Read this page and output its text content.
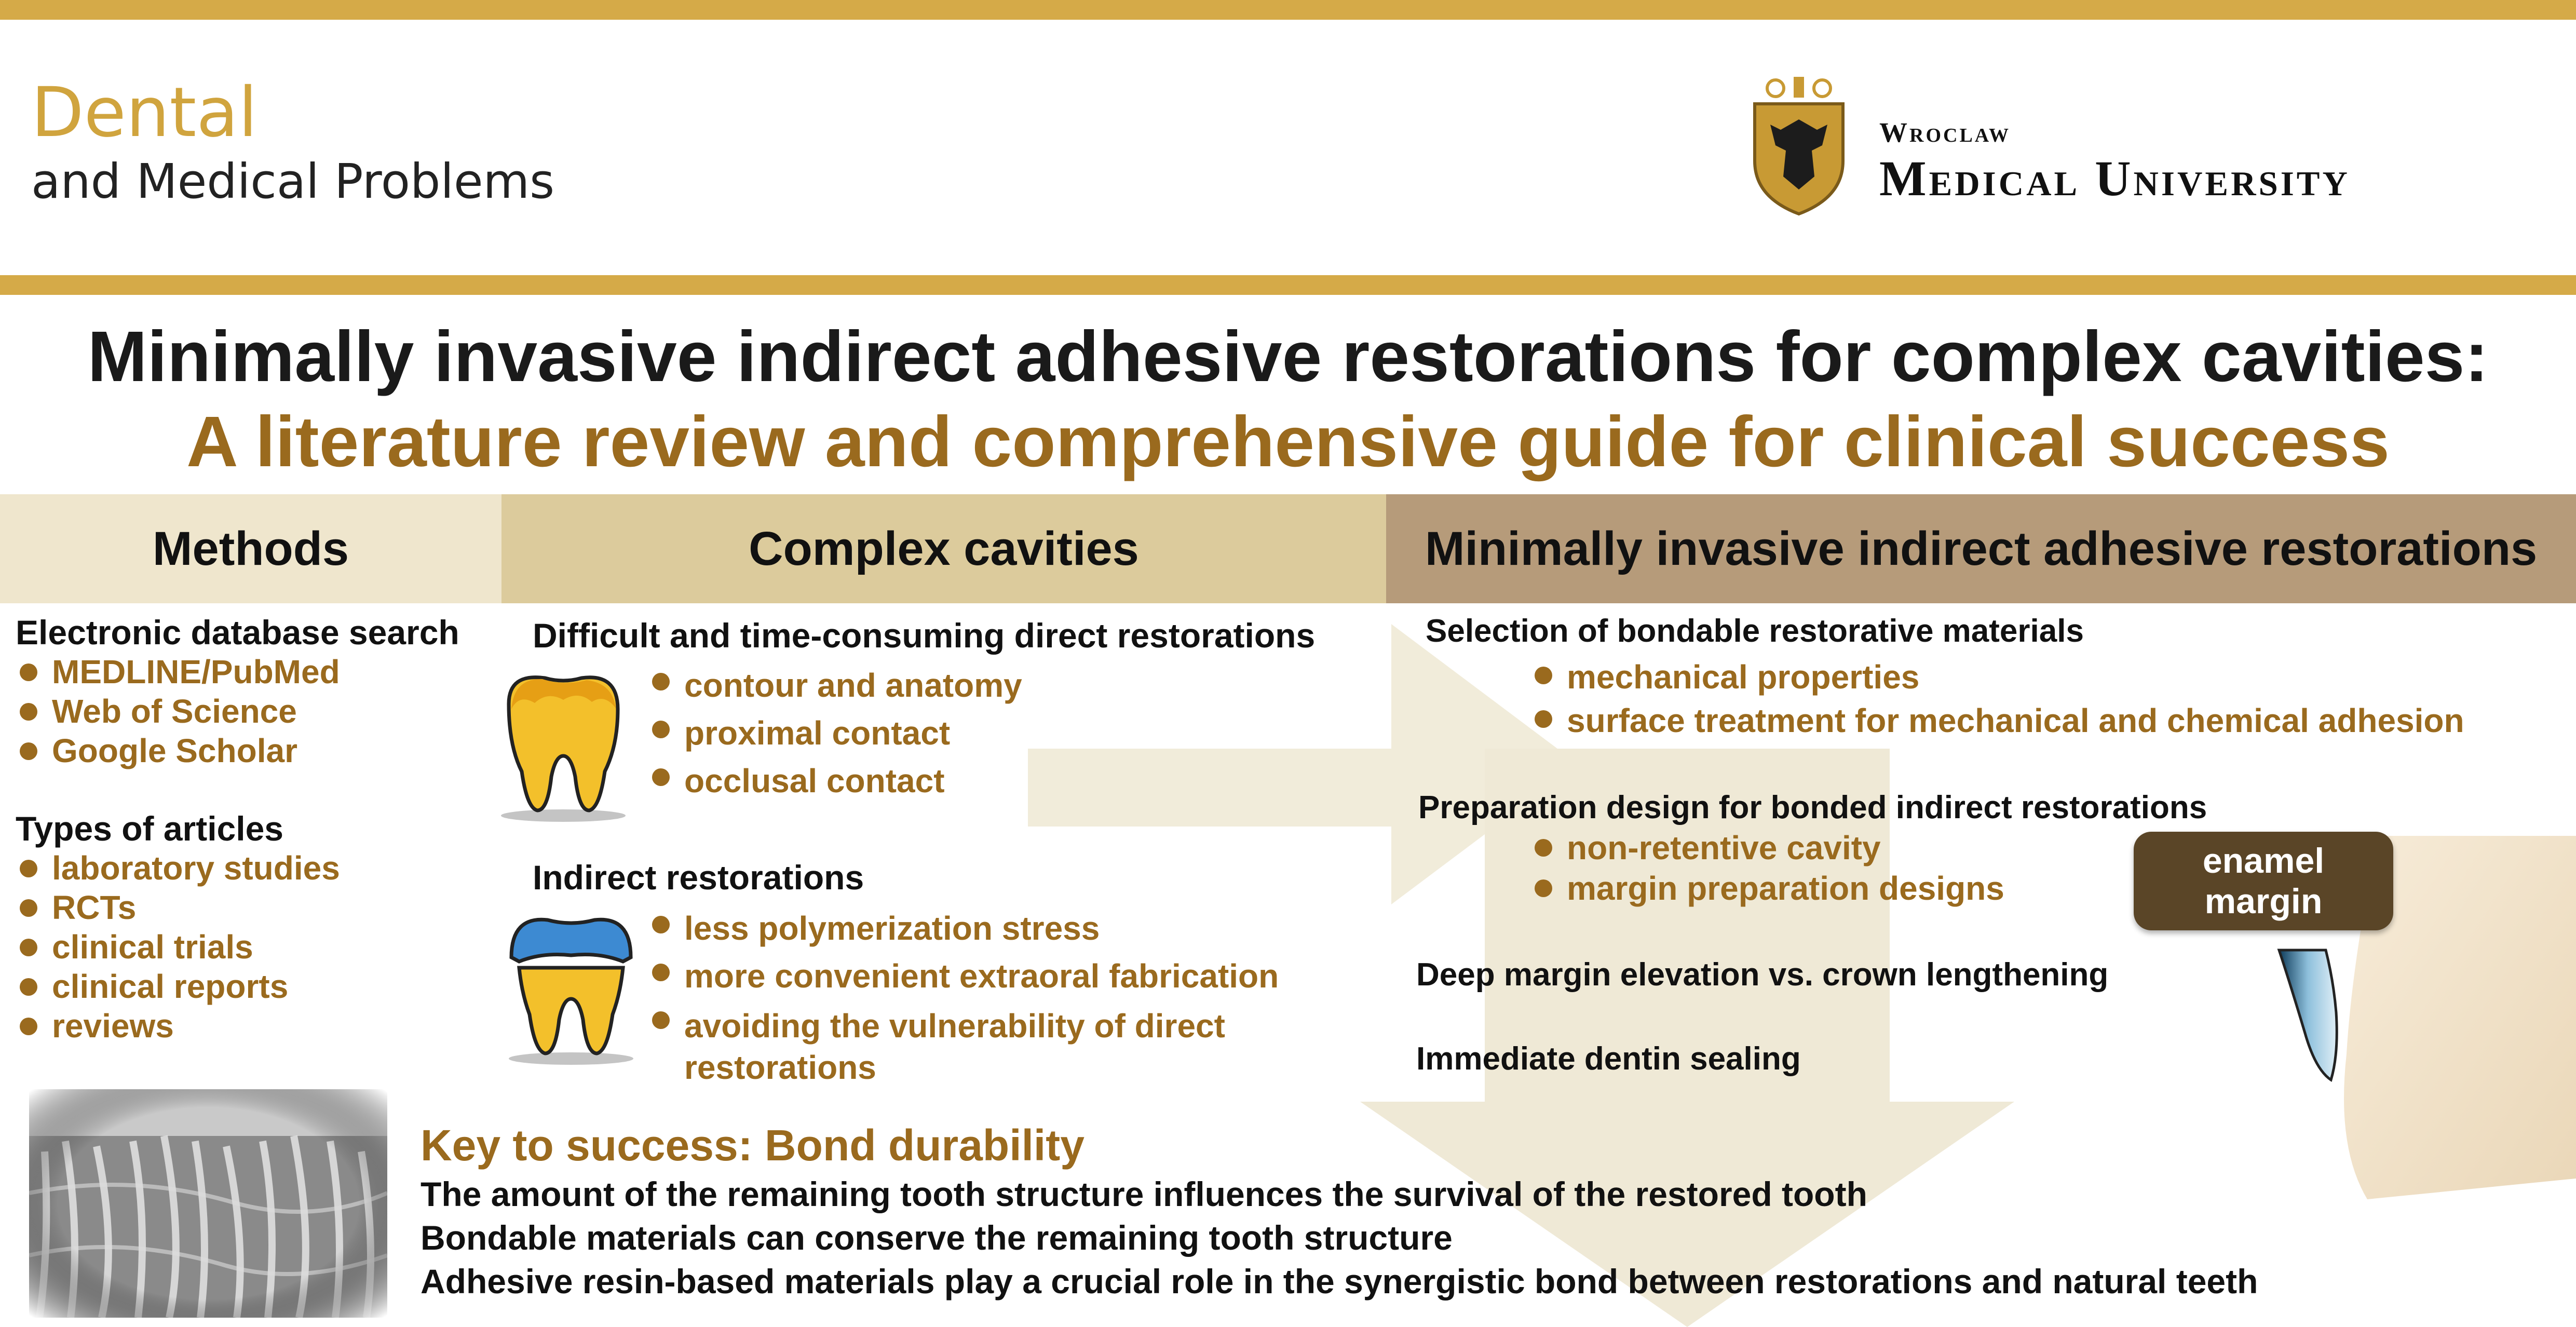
Dental
and Medical Problems
Wroclaw
Medical University
Minimally invasive indirect adhesive restorations for complex cavities:
A literature review and comprehensive guide for clinical success
Methods	Complex cavities	Minimally invasive indirect adhesive restorations
Electronic database search
MEDLINE/PubMed
Web of Science
Google Scholar
Types of articles
laboratory studies
RCTs
clinical trials
clinical reports
reviews
Difficult and time-consuming direct restorations
contour and anatomy
proximal contact
occlusal contact
Indirect restorations
less polymerization stress
more convenient extraoral fabrication
avoiding the vulnerability of direct restorations
Selection of bondable restorative materials
mechanical properties
surface treatment for mechanical and chemical adhesion
Preparation design for bonded indirect restorations
non-retentive cavity
margin preparation designs
Deep margin elevation vs. crown lengthening
Immediate dentin sealing
enamel
margin
Key to success: Bond durability
The amount of the remaining tooth structure influences the survival of the restored tooth
Bondable materials can conserve the remaining tooth structure
Adhesive resin-based materials play a crucial role in the synergistic bond between restorations and natural teeth
